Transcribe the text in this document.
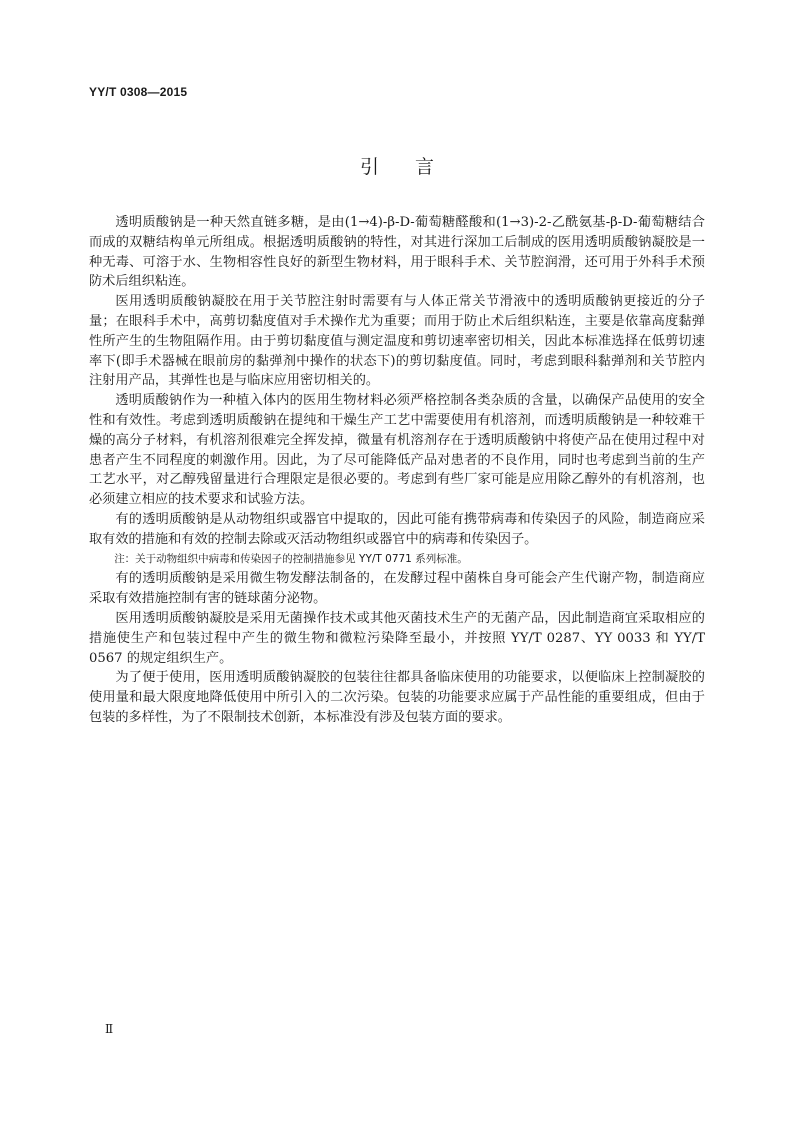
YY/T 0308—2015
引言

透明质酸钠是一种天然直链多糖，是由(1→4)-β-D-葡萄糖醛酸和(1→3)-2-乙酰氨基-β-D-葡萄糖结合而成的双糖结构单元所组成。根据透明质酸钠的特性，对其进行深加工后制成的医用透明质酸钠凝胶是一种无毒、可溶于水、生物相容性良好的新型生物材料，用于眼科手术、关节腔润滑，还可用于外科手术预防术后组织粘连。

医用透明质酸钠凝胶在用于关节腔注射时需要有与人体正常关节滑液中的透明质酸钠更接近的分子量；在眼科手术中，高剪切黏度值对手术操作尤为重要；而用于防止术后组织粘连，主要是依靠高度黏弹性所产生的生物阻隔作用。由于剪切黏度值与测定温度和剪切速率密切相关，因此本标准选择在低剪切速率下(即手术器械在眼前房的黏弹剂中操作的状态下)的剪切黏度值。同时，考虑到眼科黏弹剂和关节腔内注射用产品，其弹性也是与临床应用密切相关的。

透明质酸钠作为一种植入体内的医用生物材料必须严格控制各类杂质的含量，以确保产品使用的安全性和有效性。考虑到透明质酸钠在提纯和干燥生产工艺中需要使用有机溶剂，而透明质酸钠是一种较难干燥的高分子材料，有机溶剂很难完全挥发掉，微量有机溶剂存在于透明质酸钠中将使产品在使用过程中对患者产生不同程度的刺激作用。因此，为了尽可能降低产品对患者的不良作用，同时也考虑到当前的生产工艺水平，对乙醇残留量进行合理限定是很必要的。考虑到有些厂家可能是应用除乙醇外的有机溶剂，也必须建立相应的技术要求和试验方法。

有的透明质酸钠是从动物组织或器官中提取的，因此可能有携带病毒和传染因子的风险，制造商应采取有效的措施和有效的控制去除或灭活动物组织或器官中的病毒和传染因子。

注：关于动物组织中病毒和传染因子的控制措施参见 YY/T 0771 系列标准。

有的透明质酸钠是采用微生物发酵法制备的，在发酵过程中菌株自身可能会产生代谢产物，制造商应采取有效措施控制有害的链球菌分泌物。

医用透明质酸钠凝胶是采用无菌操作技术或其他灭菌技术生产的无菌产品，因此制造商宜采取相应的措施使生产和包装过程中产生的微生物和微粒污染降至最小，并按照 YY/T 0287、YY 0033 和 YY/T 0567 的规定组织生产。

为了便于使用，医用透明质酸钠凝胶的包装往往都具备临床使用的功能要求，以便临床上控制凝胶的使用量和最大限度地降低使用中所引入的二次污染。包装的功能要求应属于产品性能的重要组成，但由于包装的多样性，为了不限制技术创新，本标准没有涉及包装方面的要求。

Ⅱ
